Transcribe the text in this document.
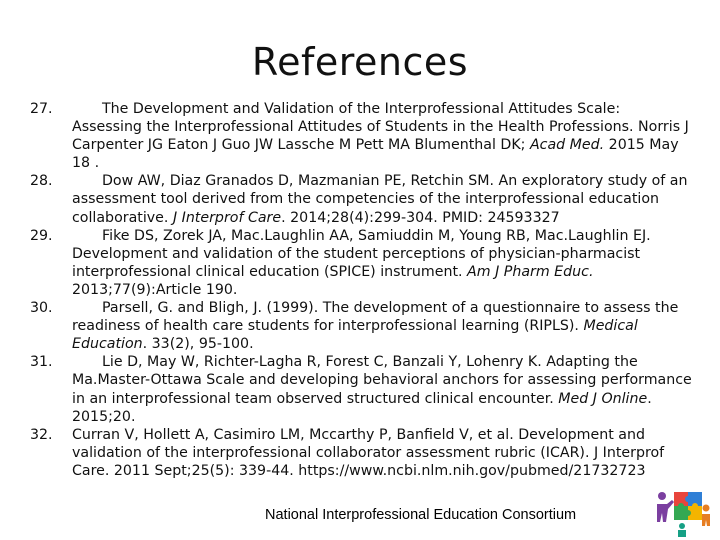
References
27.	The Development and Validation of the Interprofessional Attitudes Scale: Assessing the Interprofessional Attitudes of Students in the Health Professions. Norris J Carpenter JG Eaton J Guo JW Lassche M Pett MA Blumenthal DK; Acad Med. 2015 May 18 .
28.	Dow AW, Diaz Granados D, Mazmanian PE, Retchin SM. An exploratory study of an assessment tool derived from the competencies of the interprofessional education collaborative. J Interprof Care. 2014;28(4):299-304. PMID: 24593327
29.	Fike DS, Zorek JA, Mac.Laughlin AA, Samiuddin M, Young RB, Mac.Laughlin EJ. Development and validation of the student perceptions of physician-pharmacist interprofessional clinical education (SPICE) instrument. Am J Pharm Educ. 2013;77(9):Article 190.
30.	Parsell, G. and Bligh, J. (1999). The development of a questionnaire to assess the readiness of health care students for interprofessional learning (RIPLS). Medical Education. 33(2), 95-100.
31.	Lie D, May W, Richter-Lagha R, Forest C, Banzali Y, Lohenry K. Adapting the Ma.Master-Ottawa Scale and developing behavioral anchors for assessing performance in an interprofessional team observed structured clinical encounter. Med J Online. 2015;20.
32.	Curran V, Hollett A, Casimiro LM, Mccarthy P, Banfield V, et al. Development and validation of the interprofessional collaborator assessment rubric (ICAR). J Interprof Care. 2011 Sept;25(5): 339-44. https://www.ncbi.nlm.nih.gov/pubmed/21732723
National Interprofessional Education Consortium
